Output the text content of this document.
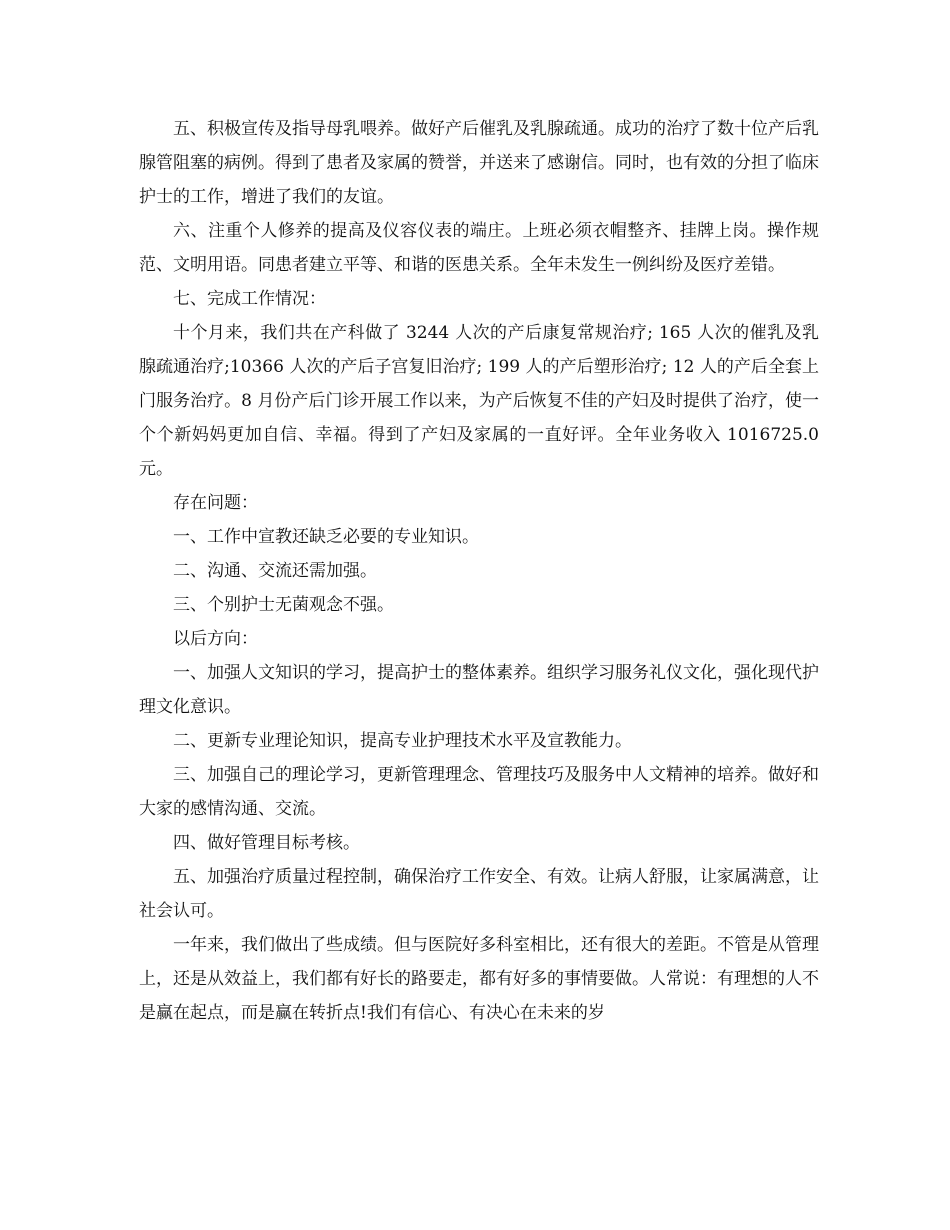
五、积极宣传及指导母乳喂养。做好产后催乳及乳腺疏通。成功的治疗了数十位产后乳腺管阻塞的病例。得到了患者及家属的赞誉，并送来了感谢信。同时，也有效的分担了临床护士的工作，增进了我们的友谊。

六、注重个人修养的提高及仪容仪表的端庄。上班必须衣帽整齐、挂牌上岗。操作规范、文明用语。同患者建立平等、和谐的医患关系。全年未发生一例纠纷及医疗差错。

七、完成工作情况：

十个月来，我们共在产科做了 3244 人次的产后康复常规治疗; 165 人次的催乳及乳腺疏通治疗;10366 人次的产后子宫复旧治疗; 199 人的产后塑形治疗; 12 人的产后全套上门服务治疗。8 月份产后门诊开展工作以来，为产后恢复不佳的产妇及时提供了治疗，使一个个新妈妈更加自信、幸福。得到了产妇及家属的一直好评。全年业务收入 1016725.0 元。

存在问题：

一、工作中宣教还缺乏必要的专业知识。

二、沟通、交流还需加强。

三、个别护士无菌观念不强。

以后方向：

一、加强人文知识的学习，提高护士的整体素养。组织学习服务礼仪文化，强化现代护理文化意识。

二、更新专业理论知识，提高专业护理技术水平及宣教能力。

三、加强自己的理论学习，更新管理理念、管理技巧及服务中人文精神的培养。做好和大家的感情沟通、交流。

四、做好管理目标考核。

五、加强治疗质量过程控制，确保治疗工作安全、有效。让病人舒服，让家属满意，让社会认可。

一年来，我们做出了些成绩。但与医院好多科室相比，还有很大的差距。不管是从管理上，还是从效益上，我们都有好长的路要走，都有好多的事情要做。人常说：有理想的人不是赢在起点，而是赢在转折点!我们有信心、有决心在未来的岁
